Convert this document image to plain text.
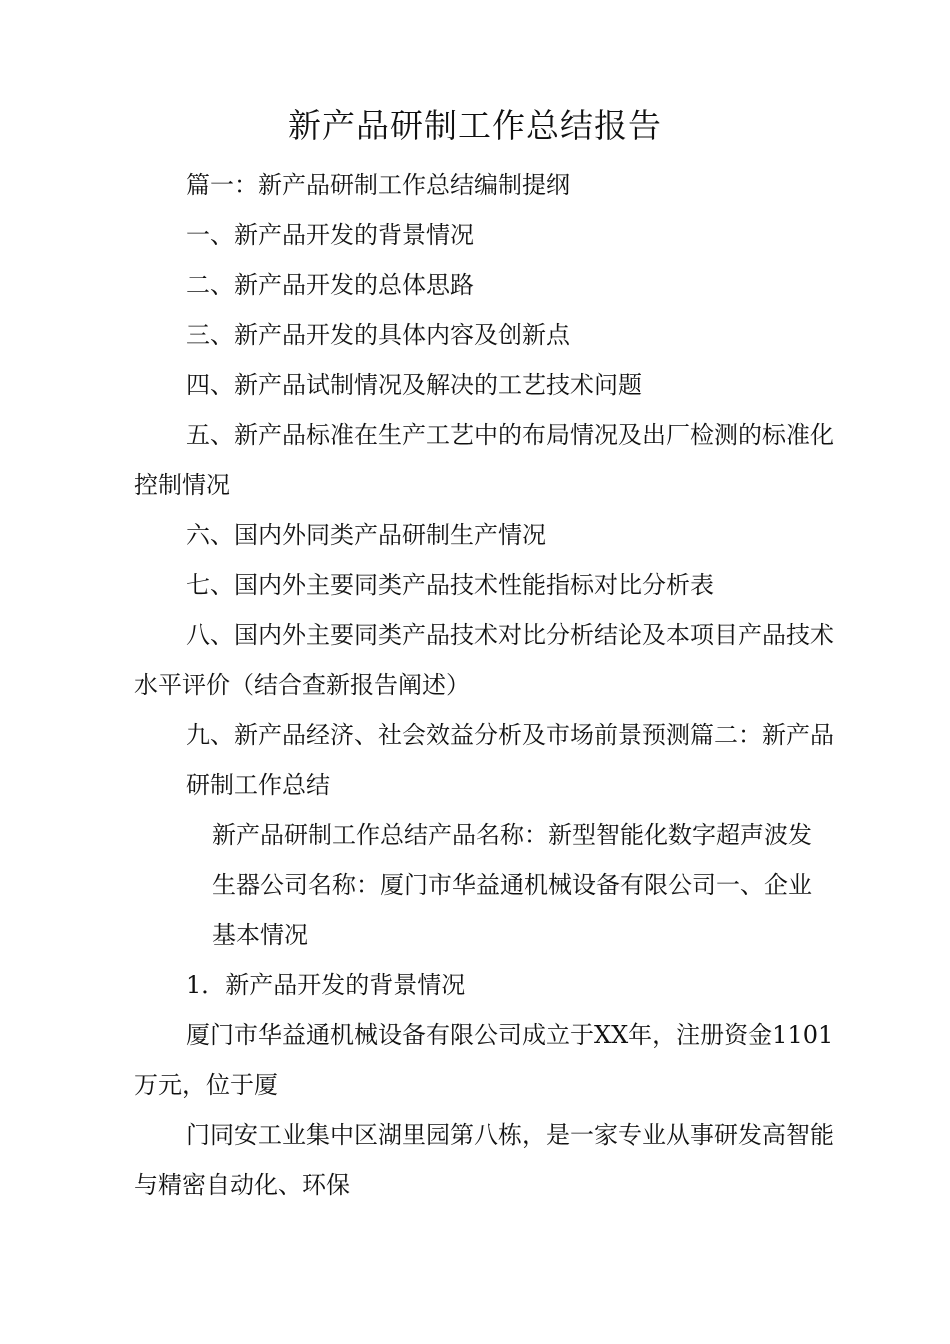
新产品研制工作总结报告

篇一：新产品研制工作总结编制提纲

一、新产品开发的背景情况

二、新产品开发的总体思路

三、新产品开发的具体内容及创新点

四、新产品试制情况及解决的工艺技术问题

五、新产品标准在生产工艺中的布局情况及出厂检测的标准化控制情况

六、国内外同类产品研制生产情况

七、国内外主要同类产品技术性能指标对比分析表

八、国内外主要同类产品技术对比分析结论及本项目产品技术水平评价（结合查新报告阐述）

九、新产品经济、社会效益分析及市场前景预测篇二：新产品研制工作总结

新产品研制工作总结产品名称：新型智能化数字超声波发生器公司名称：厦门市华益通机械设备有限公司一、企业基本情况

1．新产品开发的背景情况

厦门市华益通机械设备有限公司成立于XX年，注册资金1101万元，位于厦

门同安工业集中区湖里园第八栋，是一家专业从事研发高智能与精密自动化、环保
